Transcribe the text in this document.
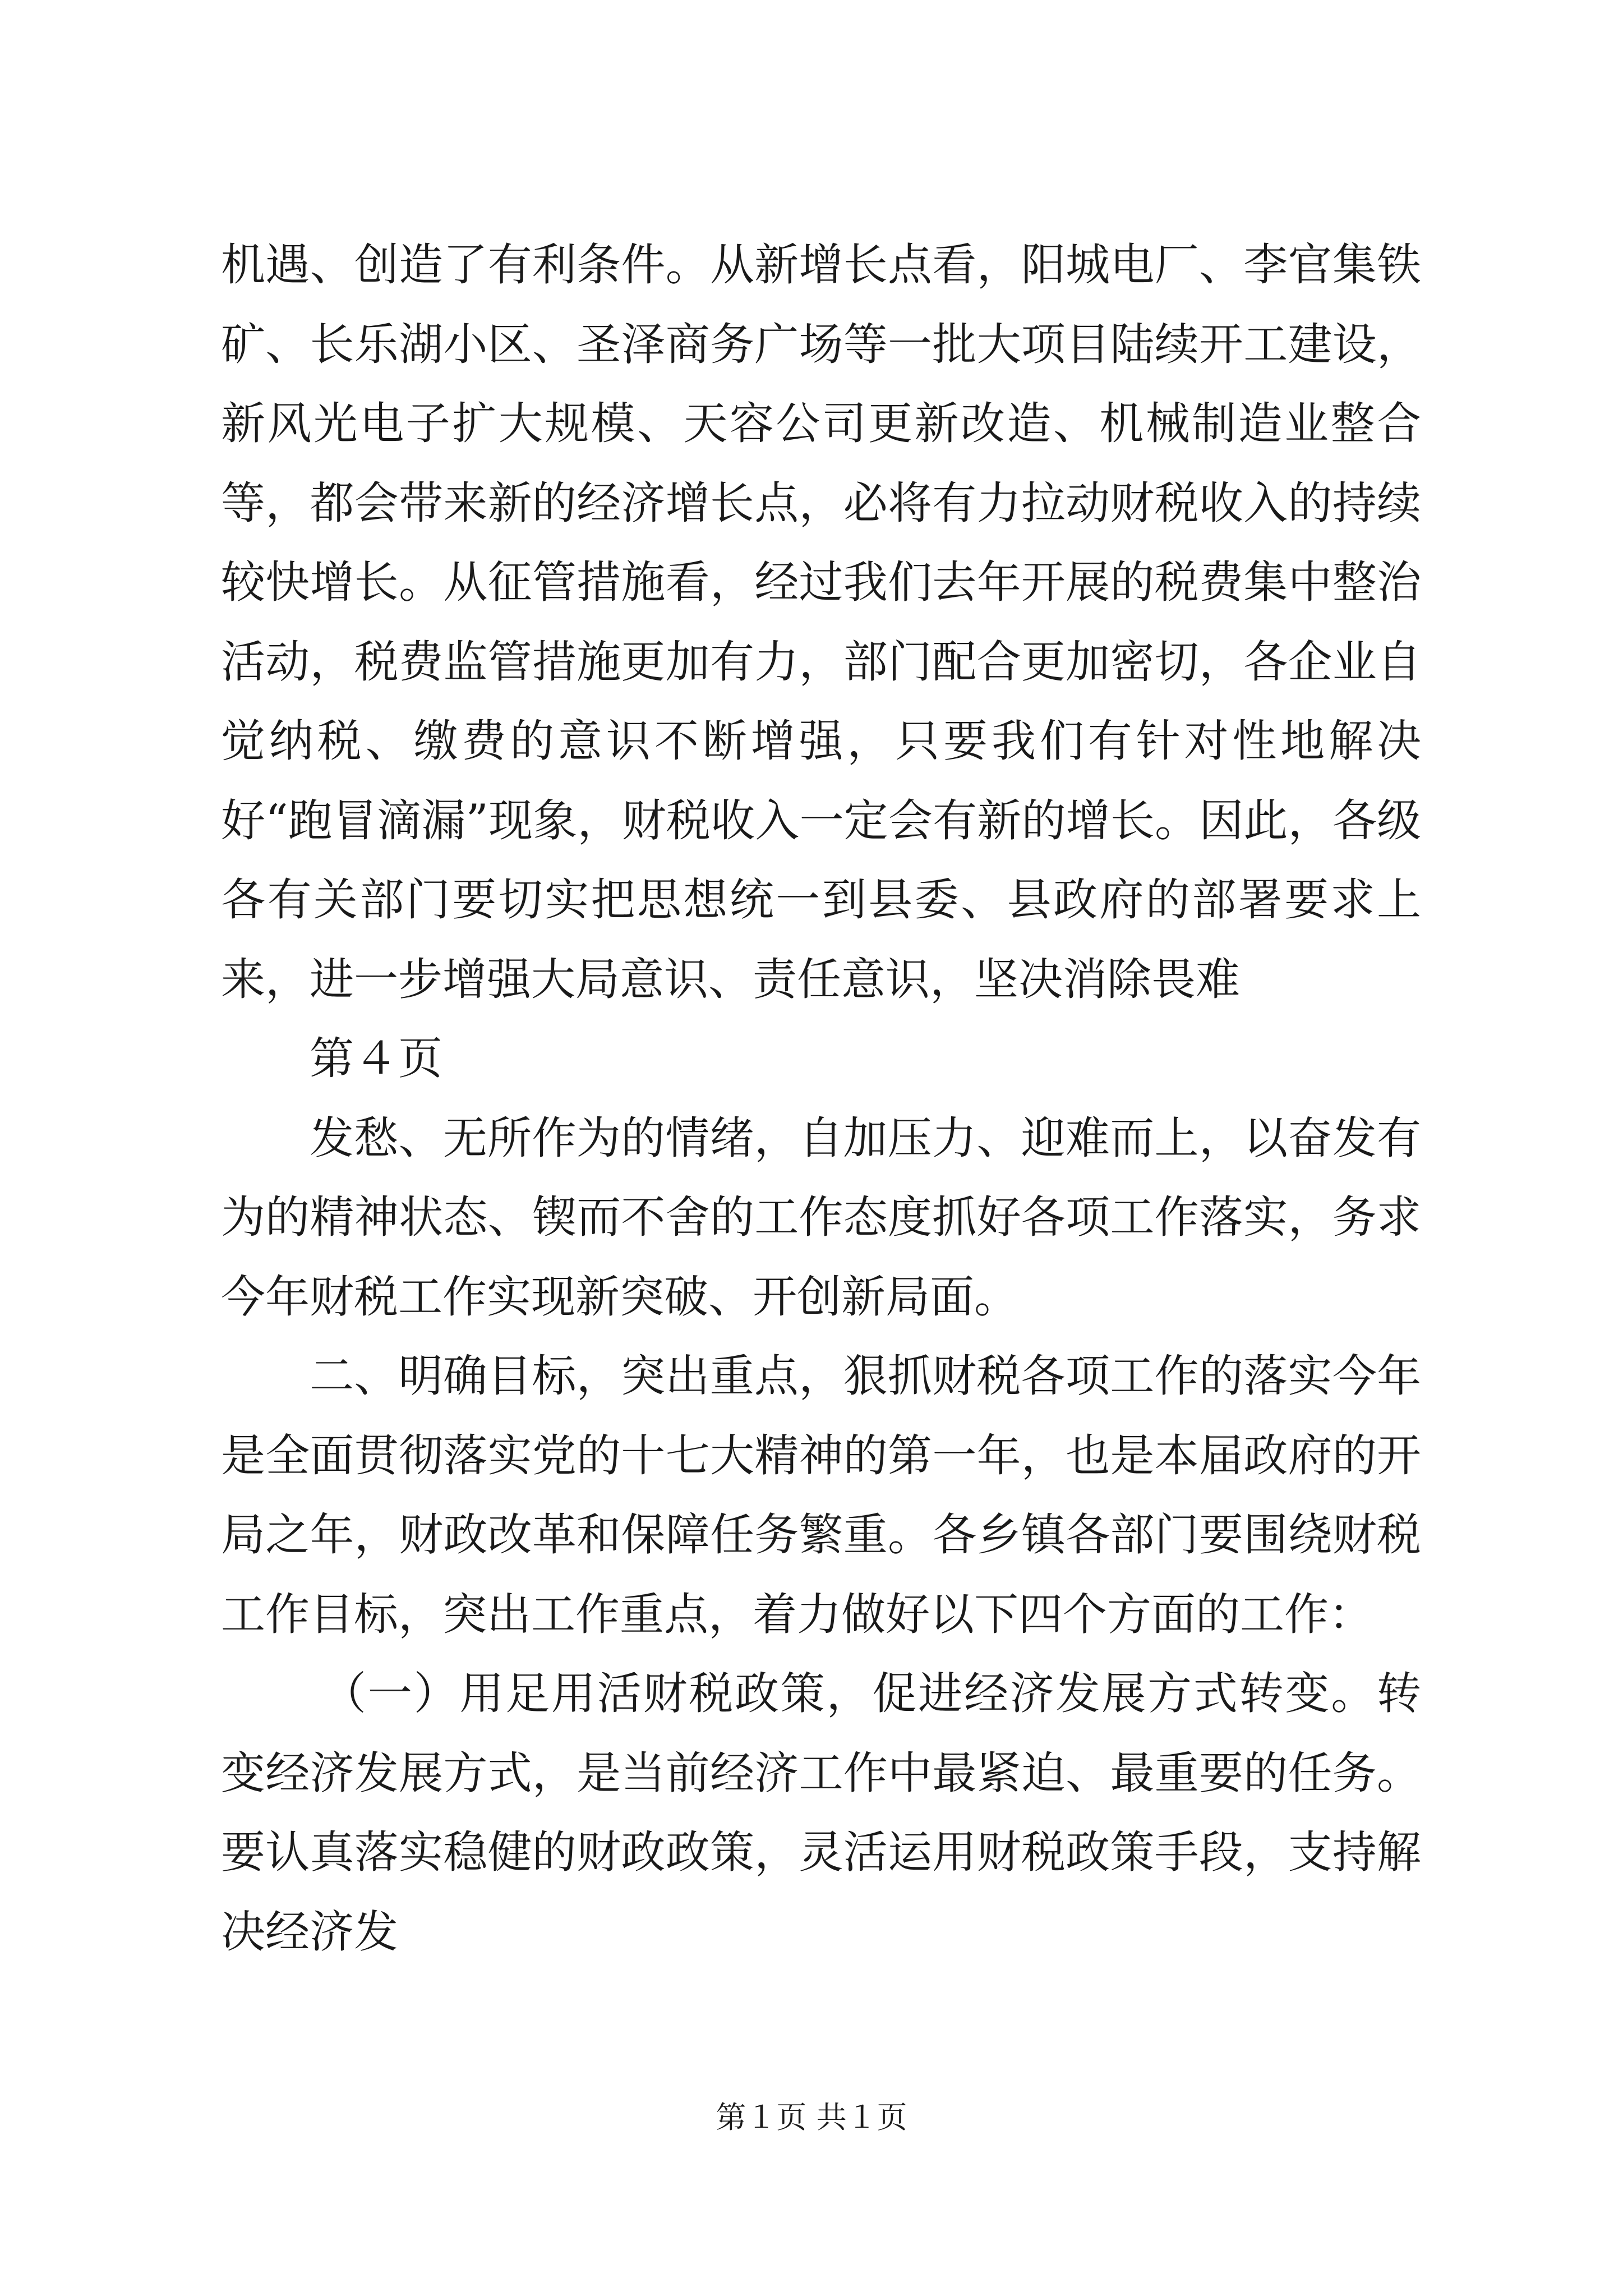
机遇、创造了有利条件。从新增长点看，阳城电厂、李官集铁矿、长乐湖小区、圣泽商务广场等一批大项目陆续开工建设，新风光电子扩大规模、天容公司更新改造、机械制造业整合等，都会带来新的经济增长点，必将有力拉动财税收入的持续较快增长。从征管措施看，经过我们去年开展的税费集中整治活动，税费监管措施更加有力，部门配合更加密切，各企业自觉纳税、缴费的意识不断增强，只要我们有针对性地解决好“跑冒滴漏”现象，财税收入一定会有新的增长。因此，各级各有关部门要切实把思想统一到县委、县政府的部署要求上来，进一步增强大局意识、责任意识，坚决消除畏难

第４页

发愁、无所作为的情绪，自加压力、迎难而上，以奋发有为的精神状态、锲而不舍的工作态度抓好各项工作落实，务求今年财税工作实现新突破、开创新局面。

二、明确目标，突出重点，狠抓财税各项工作的落实今年是全面贯彻落实党的十七大精神的第一年，也是本届政府的开局之年，财政改革和保障任务繁重。各乡镇各部门要围绕财税工作目标，突出工作重点，着力做好以下四个方面的工作：

（一）用足用活财税政策，促进经济发展方式转变。转变经济发展方式，是当前经济工作中最紧迫、最重要的任务。要认真落实稳健的财政政策，灵活运用财税政策手段，支持解决经济发

第１页 共１页
